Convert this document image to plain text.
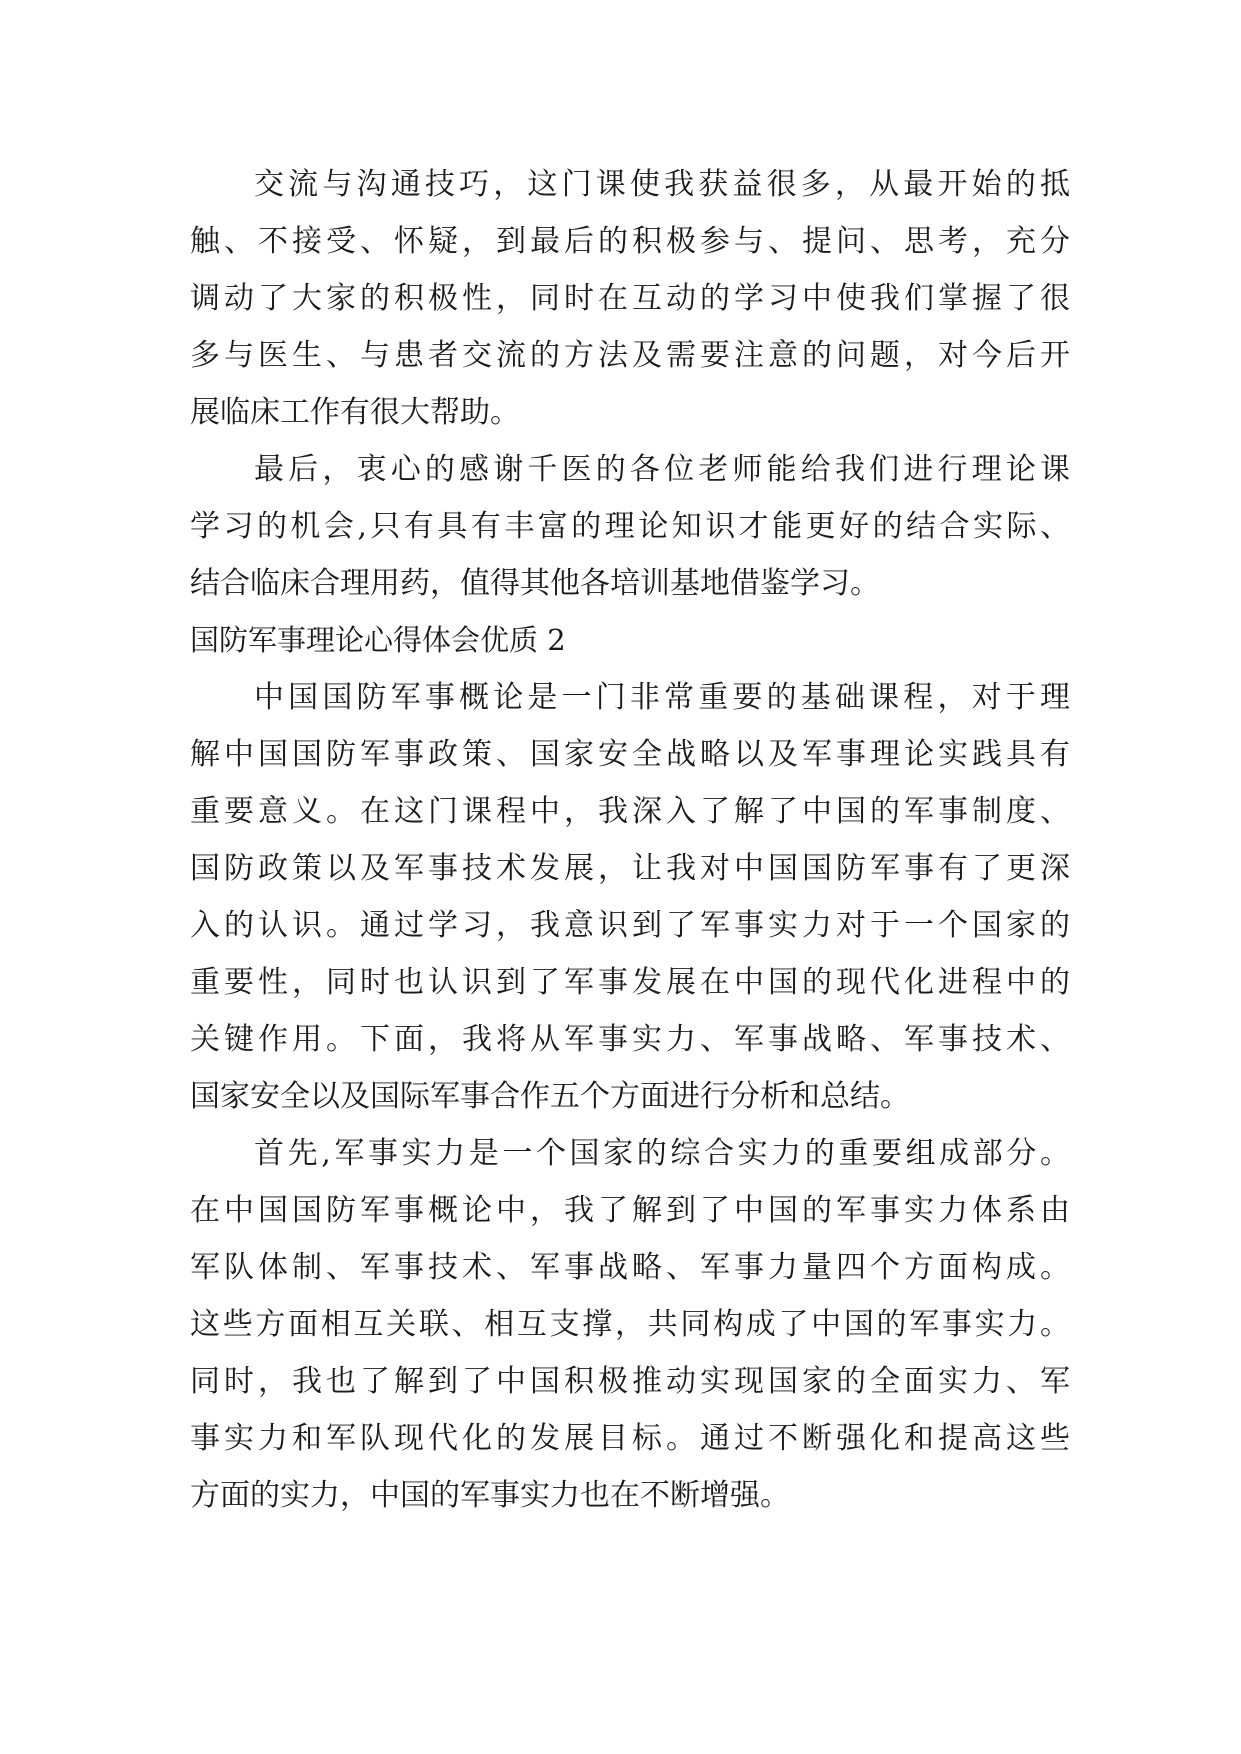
交流与沟通技巧，这门课使我获益很多，从最开始的抵
触、不接受、怀疑，到最后的积极参与、提问、思考，充分
调动了大家的积极性，同时在互动的学习中使我们掌握了很
多与医生、与患者交流的方法及需要注意的问题，对今后开
展临床工作有很大帮助。
最后，衷心的感谢千医的各位老师能给我们进行理论课
学习的机会,只有具有丰富的理论知识才能更好的结合实际、
结合临床合理用药，值得其他各培训基地借鉴学习。
国防军事理论心得体会优质 2
中国国防军事概论是一门非常重要的基础课程，对于理
解中国国防军事政策、国家安全战略以及军事理论实践具有
重要意义。在这门课程中，我深入了解了中国的军事制度、
国防政策以及军事技术发展，让我对中国国防军事有了更深
入的认识。通过学习，我意识到了军事实力对于一个国家的
重要性，同时也认识到了军事发展在中国的现代化进程中的
关键作用。下面，我将从军事实力、军事战略、军事技术、
国家安全以及国际军事合作五个方面进行分析和总结。
首先,军事实力是一个国家的综合实力的重要组成部分。
在中国国防军事概论中，我了解到了中国的军事实力体系由
军队体制、军事技术、军事战略、军事力量四个方面构成。
这些方面相互关联、相互支撑，共同构成了中国的军事实力。
同时，我也了解到了中国积极推动实现国家的全面实力、军
事实力和军队现代化的发展目标。通过不断强化和提高这些
方面的实力，中国的军事实力也在不断增强。
